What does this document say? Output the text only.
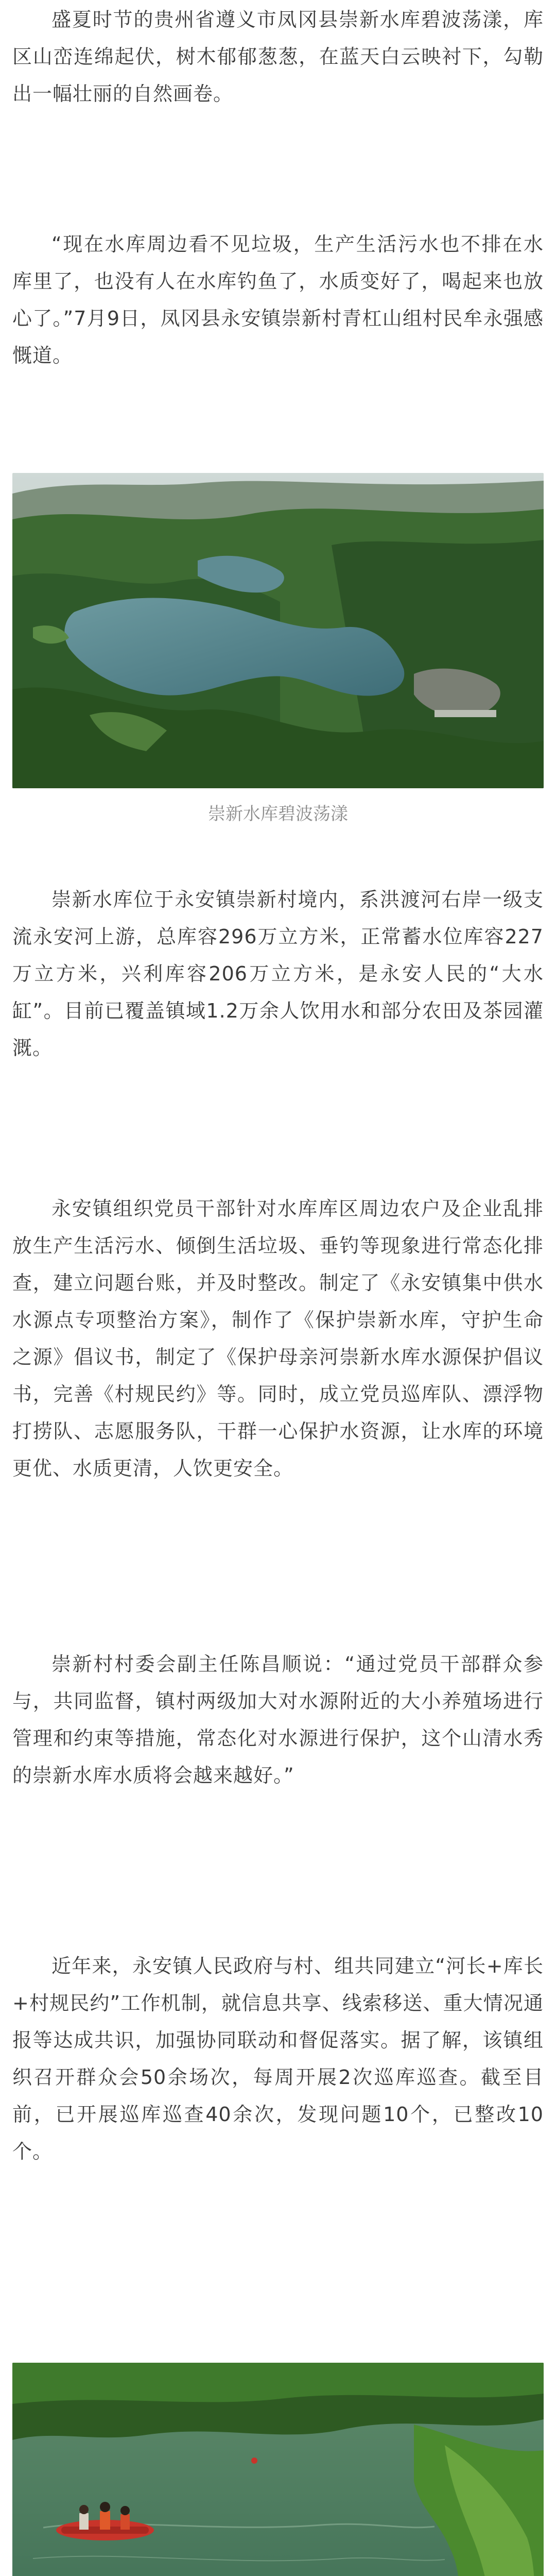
盛夏时节的贵州省遵义市凤冈县崇新水库碧波荡漾，库区山峦连绵起伏，树木郁郁葱葱，在蓝天白云映衬下，勾勒出一幅壮丽的自然画卷。

“现在水库周边看不见垃圾，生产生活污水也不排在水库里了，也没有人在水库钓鱼了，水质变好了，喝起来也放心了。”7月9日，凤冈县永安镇崇新村青杠山组村民牟永强感慨道。

崇新水库碧波荡漾

崇新水库位于永安镇崇新村境内，系洪渡河右岸一级支流永安河上游，总库容296万立方米，正常蓄水位库容227万立方米，兴利库容206万立方米，是永安人民的“大水缸”。目前已覆盖镇域1.2万余人饮用水和部分农田及茶园灌溉。

永安镇组织党员干部针对水库库区周边农户及企业乱排放生产生活污水、倾倒生活垃圾、垂钓等现象进行常态化排查，建立问题台账，并及时整改。制定了《永安镇集中供水水源点专项整治方案》，制作了《保护崇新水库，守护生命之源》倡议书，制定了《保护母亲河崇新水库水源保护倡议书，完善《村规民约》等。同时，成立党员巡库队、漂浮物打捞队、志愿服务队，干群一心保护水资源，让水库的环境更优、水质更清，人饮更安全。

崇新村村委会副主任陈昌顺说：“通过党员干部群众参与，共同监督，镇村两级加大对水源附近的大小养殖场进行管理和约束等措施，常态化对水源进行保护，这个山清水秀的崇新水库水质将会越来越好。”

近年来，永安镇人民政府与村、组共同建立“河长+库长+村规民约”工作机制，就信息共享、线索移送、重大情况通报等达成共识，加强协同联动和督促落实。据了解，该镇组织召开群众会50余场次，每周开展2次巡库巡查。截至目前，已开展巡库巡查40余次，发现问题10个，已整改10个。
